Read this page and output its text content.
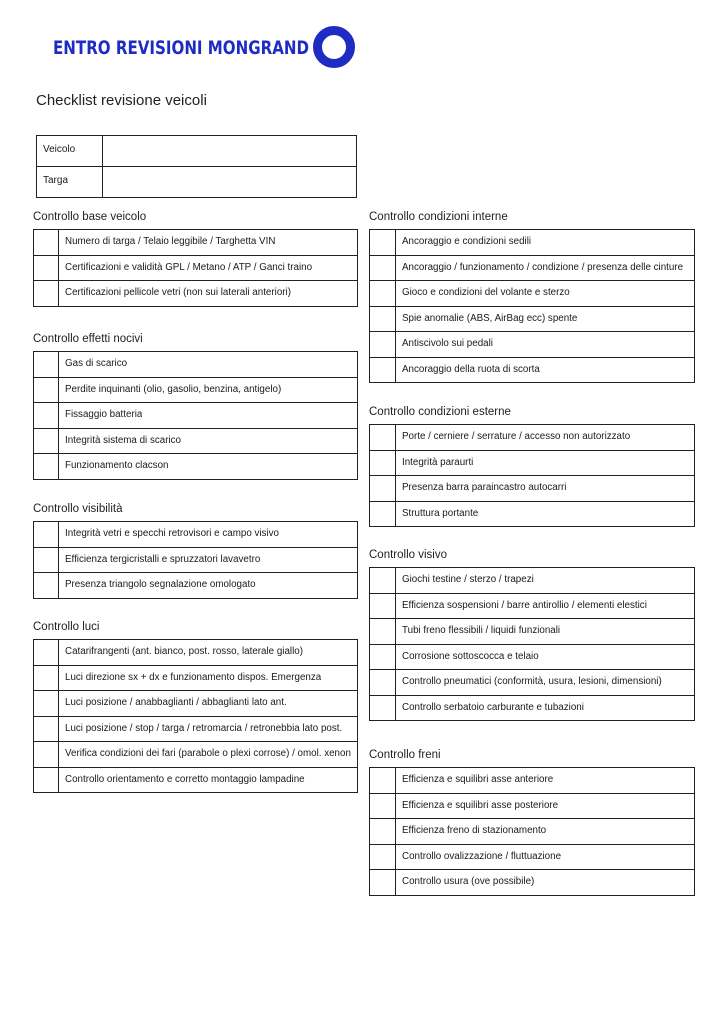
ENTRO REVISIONI MONGRAND
Checklist revisione veicoli
Veicolo
Targa
Controllo base veicolo
Numero di targa / Telaio leggibile / Targhetta VIN
Certificazioni e validità GPL / Metano / ATP / Ganci traino
Certificazioni pellicole vetri (non sui laterali anteriori)
Controllo effetti nocivi
Gas di scarico
Perdite inquinanti (olio, gasolio, benzina, antigelo)
Fissaggio batteria
Integrità sistema di scarico
Funzionamento clacson
Controllo visibilità
Integrità vetri e specchi retrovisori e campo visivo
Efficienza tergicristalli e spruzzatori lavavetro
Presenza triangolo segnalazione omologato
Controllo luci
Catarifrangenti (ant. bianco, post. rosso, laterale giallo)
Luci direzione sx + dx e funzionamento dispos. Emergenza
Luci posizione / anabbaglianti / abbaglianti lato ant.
Luci posizione / stop / targa / retromarcia / retronebbia lato post.
Verifica condizioni dei fari (parabole o plexi corrose) / omol. xenon
Controllo orientamento e corretto montaggio lampadine
Controllo condizioni interne
Ancoraggio e condizioni sedili
Ancoraggio / funzionamento / condizione / presenza delle cinture
Gioco e condizioni del volante e sterzo
Spie anomalie (ABS, AirBag ecc) spente
Antiscivolo sui pedali
Ancoraggio della ruota di scorta
Controllo condizioni esterne
Porte / cerniere / serrature / accesso non autorizzato
Integrità paraurti
Presenza barra paraincastro autocarri
Struttura portante
Controllo visivo
Giochi testine / sterzo / trapezi
Efficienza sospensioni / barre antirollio / elementi elestici
Tubi freno flessibili / liquidi funzionali
Corrosione sottoscocca e telaio
Controllo pneumatici (conformità, usura, lesioni, dimensioni)
Controllo serbatoio carburante e tubazioni
Controllo freni
Efficienza e squilibri asse anteriore
Efficienza e squilibri asse posteriore
Efficienza freno di stazionamento
Controllo ovalizzazione / fluttuazione
Controllo usura (ove possibile)
